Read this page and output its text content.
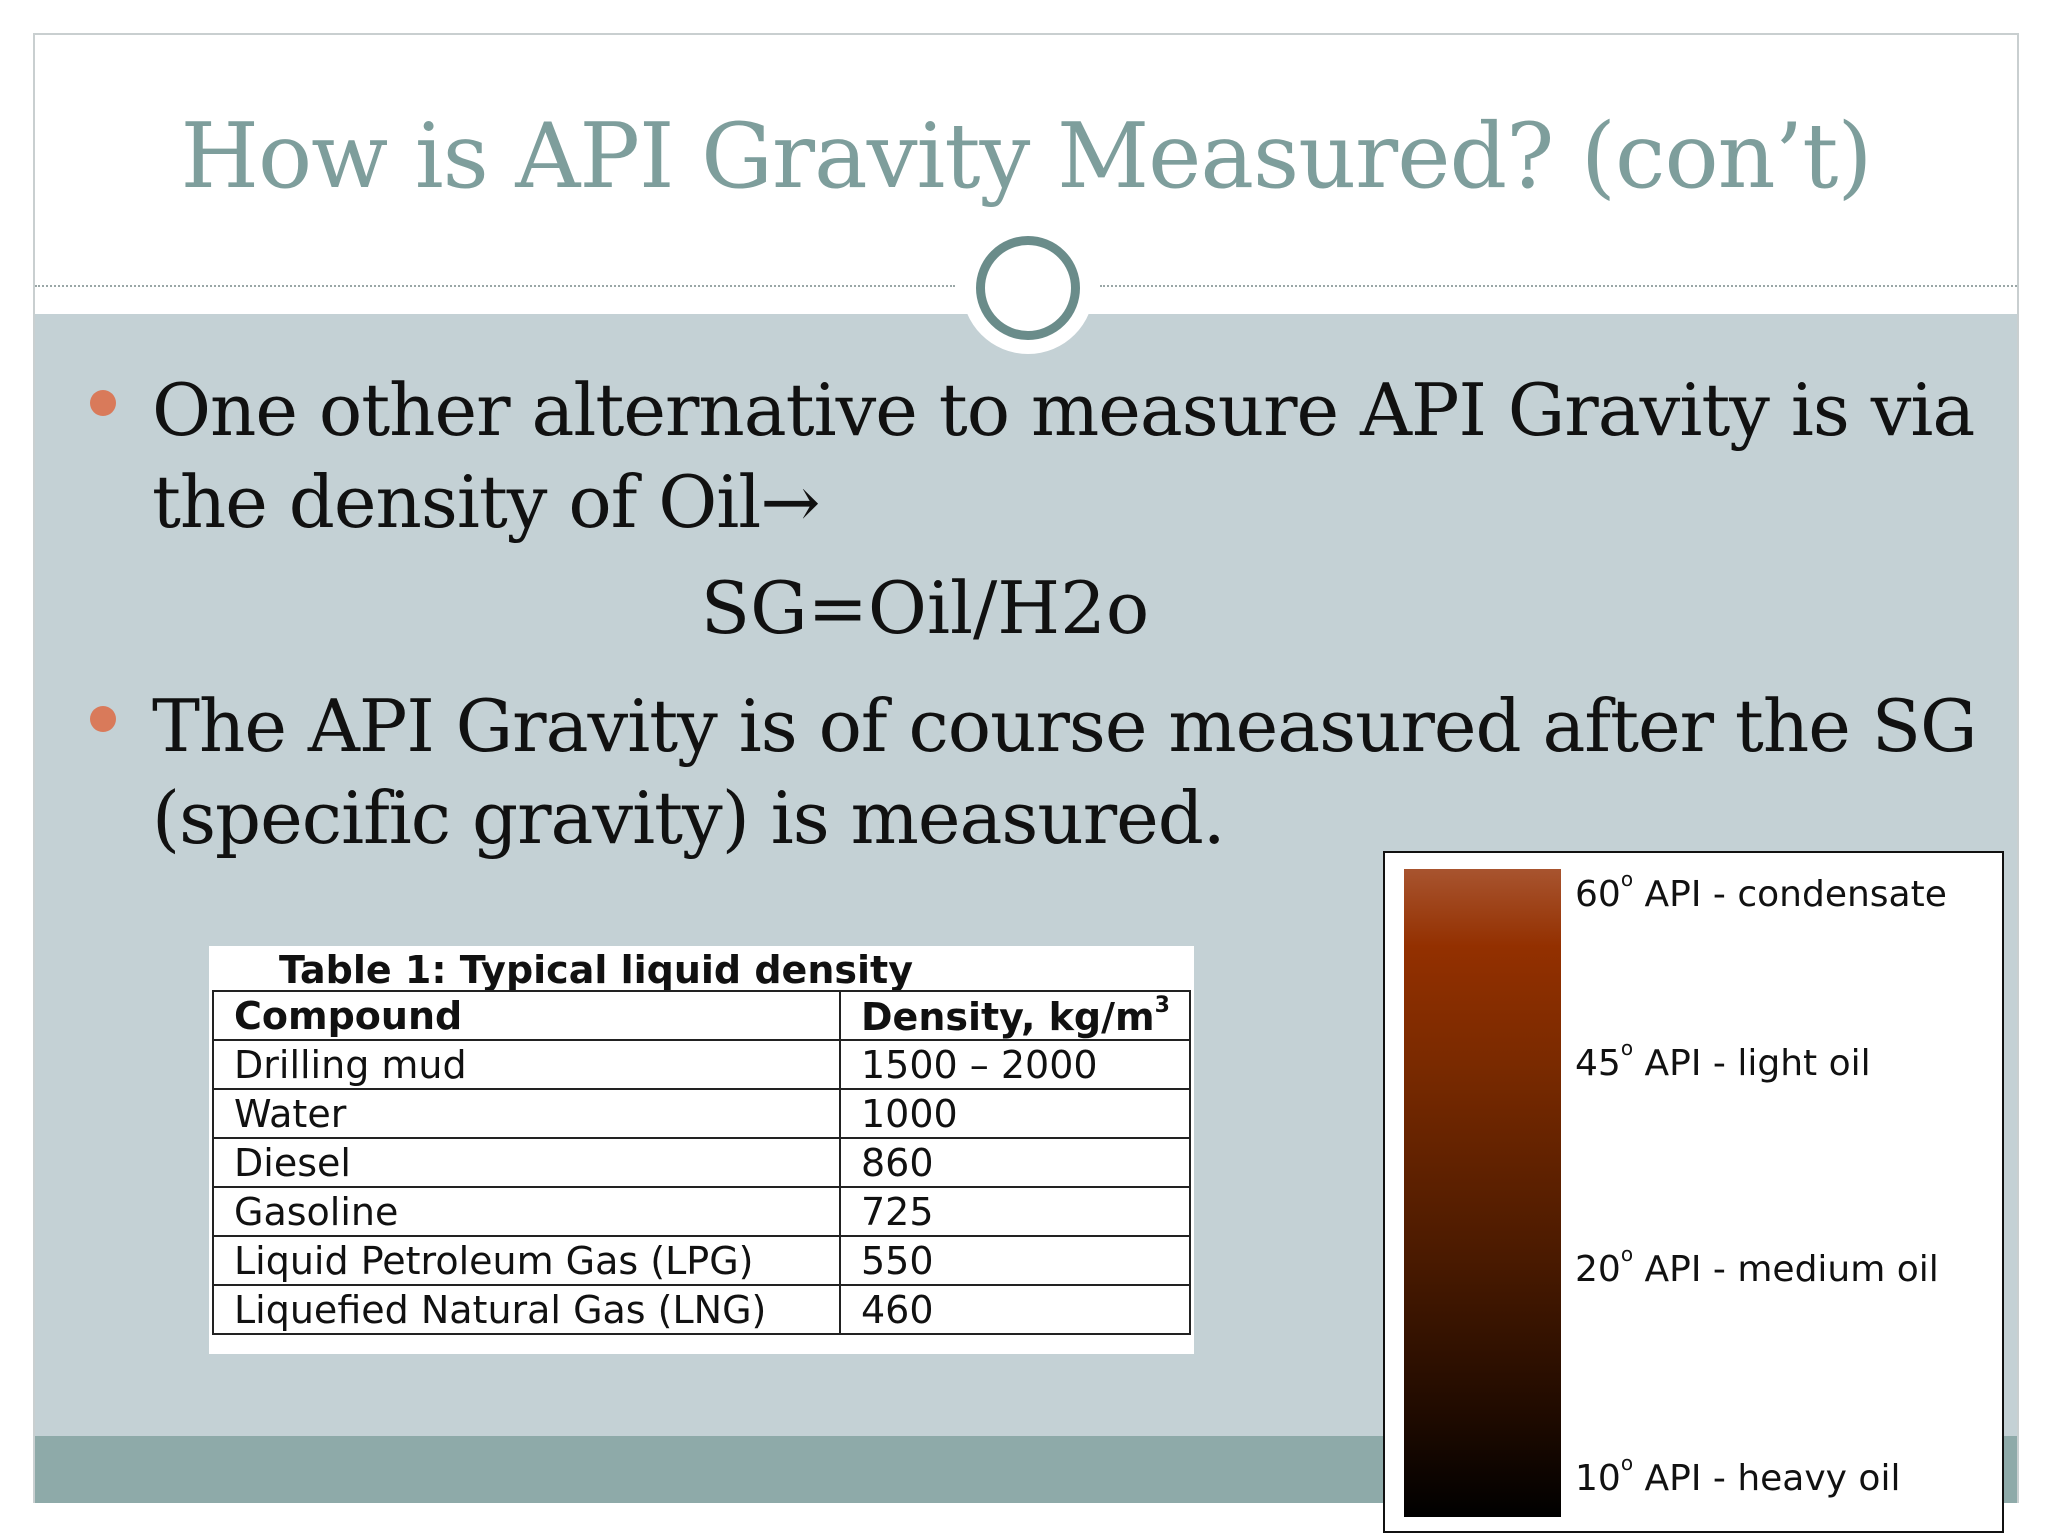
How is API Gravity Measured? (con’t)
One other alternative to measure API Gravity is via
the density of Oil→
SG=Oil/H2o
The API Gravity is of course measured after the SG
(specific gravity) is measured.
Table 1: Typical liquid density
Compound	Density, $kg/m^3$
Drilling mud	1500 – 2000
Water	1000
Diesel	860
Gasoline	725
Liquid Petroleum Gas (LPG)	550
Liquefied Natural Gas (LNG)	460
60$^o$ API - condensate
45$^o$ API - light oil
20$^o$ API - medium oil
10$^o$ API - heavy oil
